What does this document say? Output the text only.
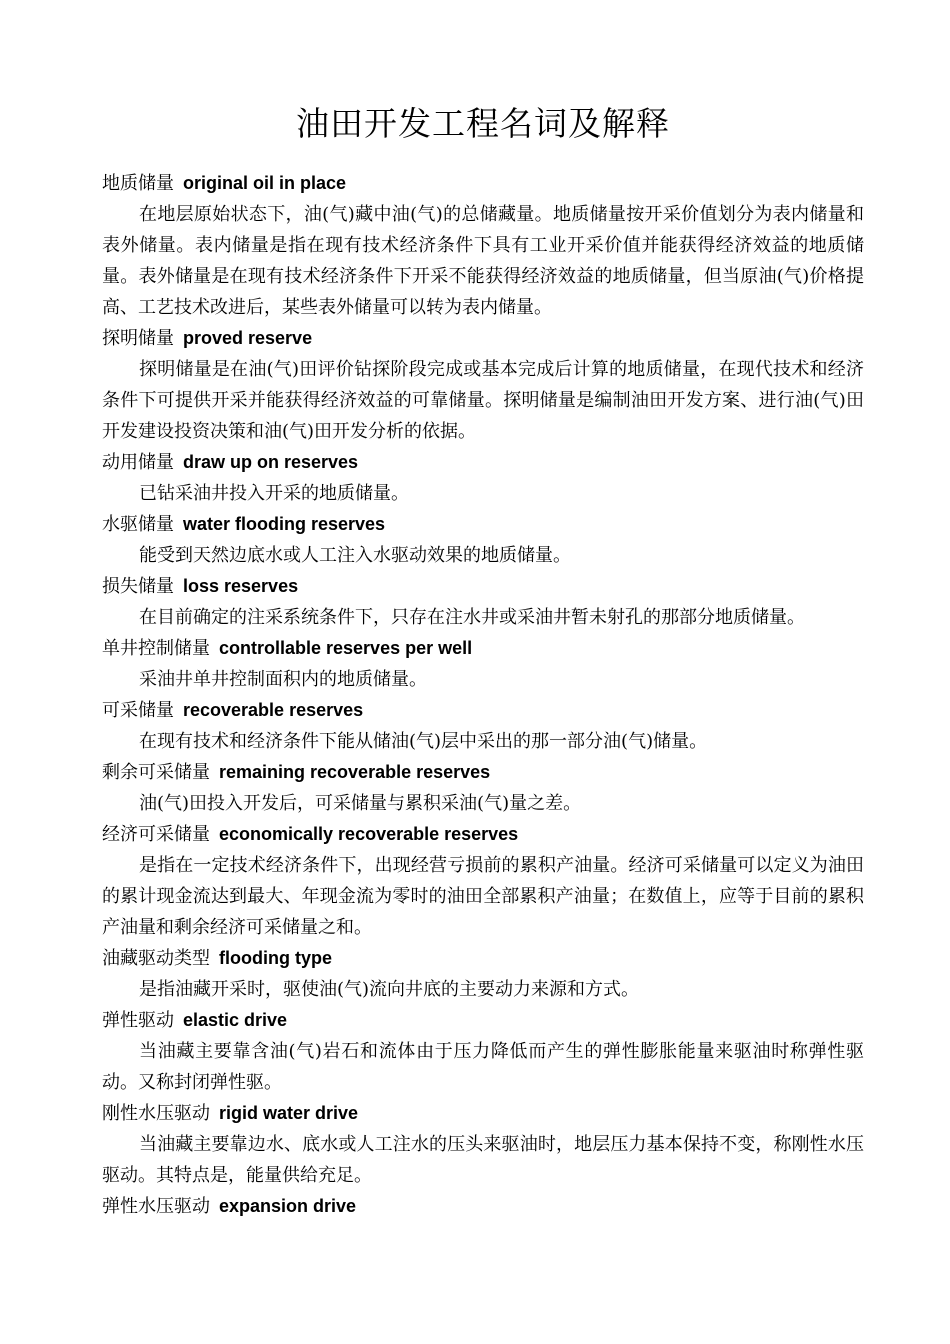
油田开发工程名词及解释
地质储量 original oil in place

在地层原始状态下，油(气)藏中油(气)的总储藏量。地质储量按开采价值划分为表内储量和表外储量。表内储量是指在现有技术经济条件下具有工业开采价值并能获得经济效益的地质储量。表外储量是在现有技术经济条件下开采不能获得经济效益的地质储量，但当原油(气)价格提高、工艺技术改进后，某些表外储量可以转为表内储量。

探明储量 proved reserve

探明储量是在油(气)田评价钻探阶段完成或基本完成后计算的地质储量，在现代技术和经济条件下可提供开采并能获得经济效益的可靠储量。探明储量是编制油田开发方案、进行油(气)田开发建设投资决策和油(气)田开发分析的依据。

动用储量 draw up on reserves

已钻采油井投入开采的地质储量。

水驱储量 water flooding reserves

能受到天然边底水或人工注入水驱动效果的地质储量。

损失储量 loss reserves

在目前确定的注采系统条件下，只存在注水井或采油井暂未射孔的那部分地质储量。

单井控制储量 controllable reserves per well

采油井单井控制面积内的地质储量。

可采储量 recoverable reserves

在现有技术和经济条件下能从储油(气)层中采出的那一部分油(气)储量。

剩余可采储量 remaining recoverable reserves

油(气)田投入开发后，可采储量与累积采油(气)量之差。

经济可采储量 economically recoverable reserves

是指在一定技术经济条件下，出现经营亏损前的累积产油量。经济可采储量可以定义为油田的累计现金流达到最大、年现金流为零时的油田全部累积产油量；在数值上，应等于目前的累积产油量和剩余经济可采储量之和。

油藏驱动类型 flooding type

是指油藏开采时，驱使油(气)流向井底的主要动力来源和方式。

弹性驱动 elastic drive

当油藏主要靠含油(气)岩石和流体由于压力降低而产生的弹性膨胀能量来驱油时称弹性驱动。又称封闭弹性驱。

刚性水压驱动 rigid water drive

当油藏主要靠边水、底水或人工注水的压头来驱油时，地层压力基本保持不变，称刚性水压驱动。其特点是，能量供给充足。

弹性水压驱动 expansion drive
